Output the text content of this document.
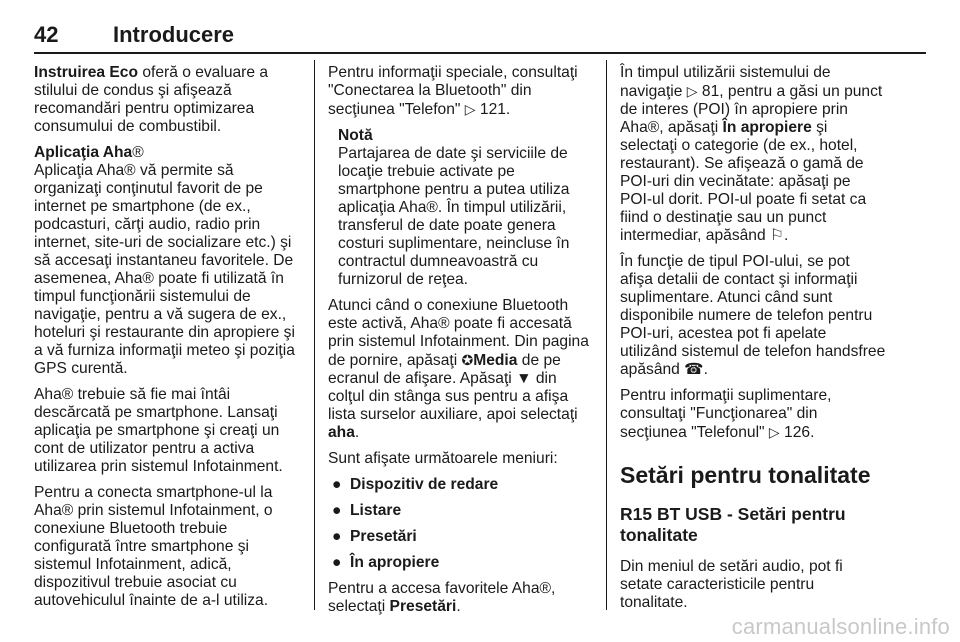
42 Introducere

Instruirea Eco oferă o evaluare a stilului de condus şi afişează recomandări pentru optimizarea consumului de combustibil.

Aplicaţia Aha®

Aplicaţia Aha® vă permite să organizaţi conţinutul favorit de pe internet pe smartphone (de ex., podcasturi, cărţi audio, radio prin internet, site-uri de socializare etc.) şi să accesaţi instantaneu favoritele. De asemenea, Aha® poate fi utilizată în timpul funcţionării sistemului de navigaţie, pentru a vă sugera de ex., hoteluri şi restaurante din apropiere şi a vă furniza informaţii meteo şi poziţia GPS curentă.

Aha® trebuie să fie mai întâi descărcată pe smartphone. Lansaţi aplicaţia pe smartphone şi creaţi un cont de utilizator pentru a activa utilizarea prin sistemul Infotainment.

Pentru a conecta smartphone-ul la Aha® prin sistemul Infotainment, o conexiune Bluetooth trebuie configurată între smartphone şi sistemul Infotainment, adică, dispozitivul trebuie asociat cu autovehiculul înainte de a-l utiliza.

Pentru informaţii speciale, consultaţi "Conectarea la Bluetooth" din secţiunea "Telefon" ▷ 121.

Notă

Partajarea de date şi serviciile de locaţie trebuie activate pe smartphone pentru a putea utiliza aplicaţia Aha®. În timpul utilizării, transferul de date poate genera costuri suplimentare, neincluse în contractul dumneavoastră cu furnizorul de reţea.

Atunci când o conexiune Bluetooth este activă, Aha® poate fi accesată prin sistemul Infotainment. Din pagina de pornire, apăsaţi ✪Media de pe ecranul de afişare. Apăsaţi ▼ din colţul din stânga sus pentru a afişa lista surselor auxiliare, apoi selectaţi aha.

Sunt afişate următoarele meniuri:

● Dispozitiv de redare
● Listare
● Presetări
● În apropiere

Pentru a accesa favoritele Aha®, selectaţi Presetări.

În timpul utilizării sistemului de navigaţie ▷ 81, pentru a găsi un punct de interes (POI) în apropiere prin Aha®, apăsaţi În apropiere şi selectaţi o categorie (de ex., hotel, restaurant). Se afişează o gamă de POI-uri din vecinătate: apăsaţi pe POI-ul dorit. POI-ul poate fi setat ca fiind o destinaţie sau un punct intermediar, apăsând ⚐.

În funcţie de tipul POI-ului, se pot afişa detalii de contact şi informaţii suplimentare. Atunci când sunt disponibile numere de telefon pentru POI-uri, acestea pot fi apelate utilizând sistemul de telefon handsfree apăsând ☎.

Pentru informaţii suplimentare, consultaţi "Funcţionarea" din secţiunea "Telefonul" ▷ 126.

Setări pentru tonalitate
R15 BT USB - Setări pentru tonalitate

Din meniul de setări audio, pot fi setate caracteristicile pentru tonalitate.

carmanualsonline.info
